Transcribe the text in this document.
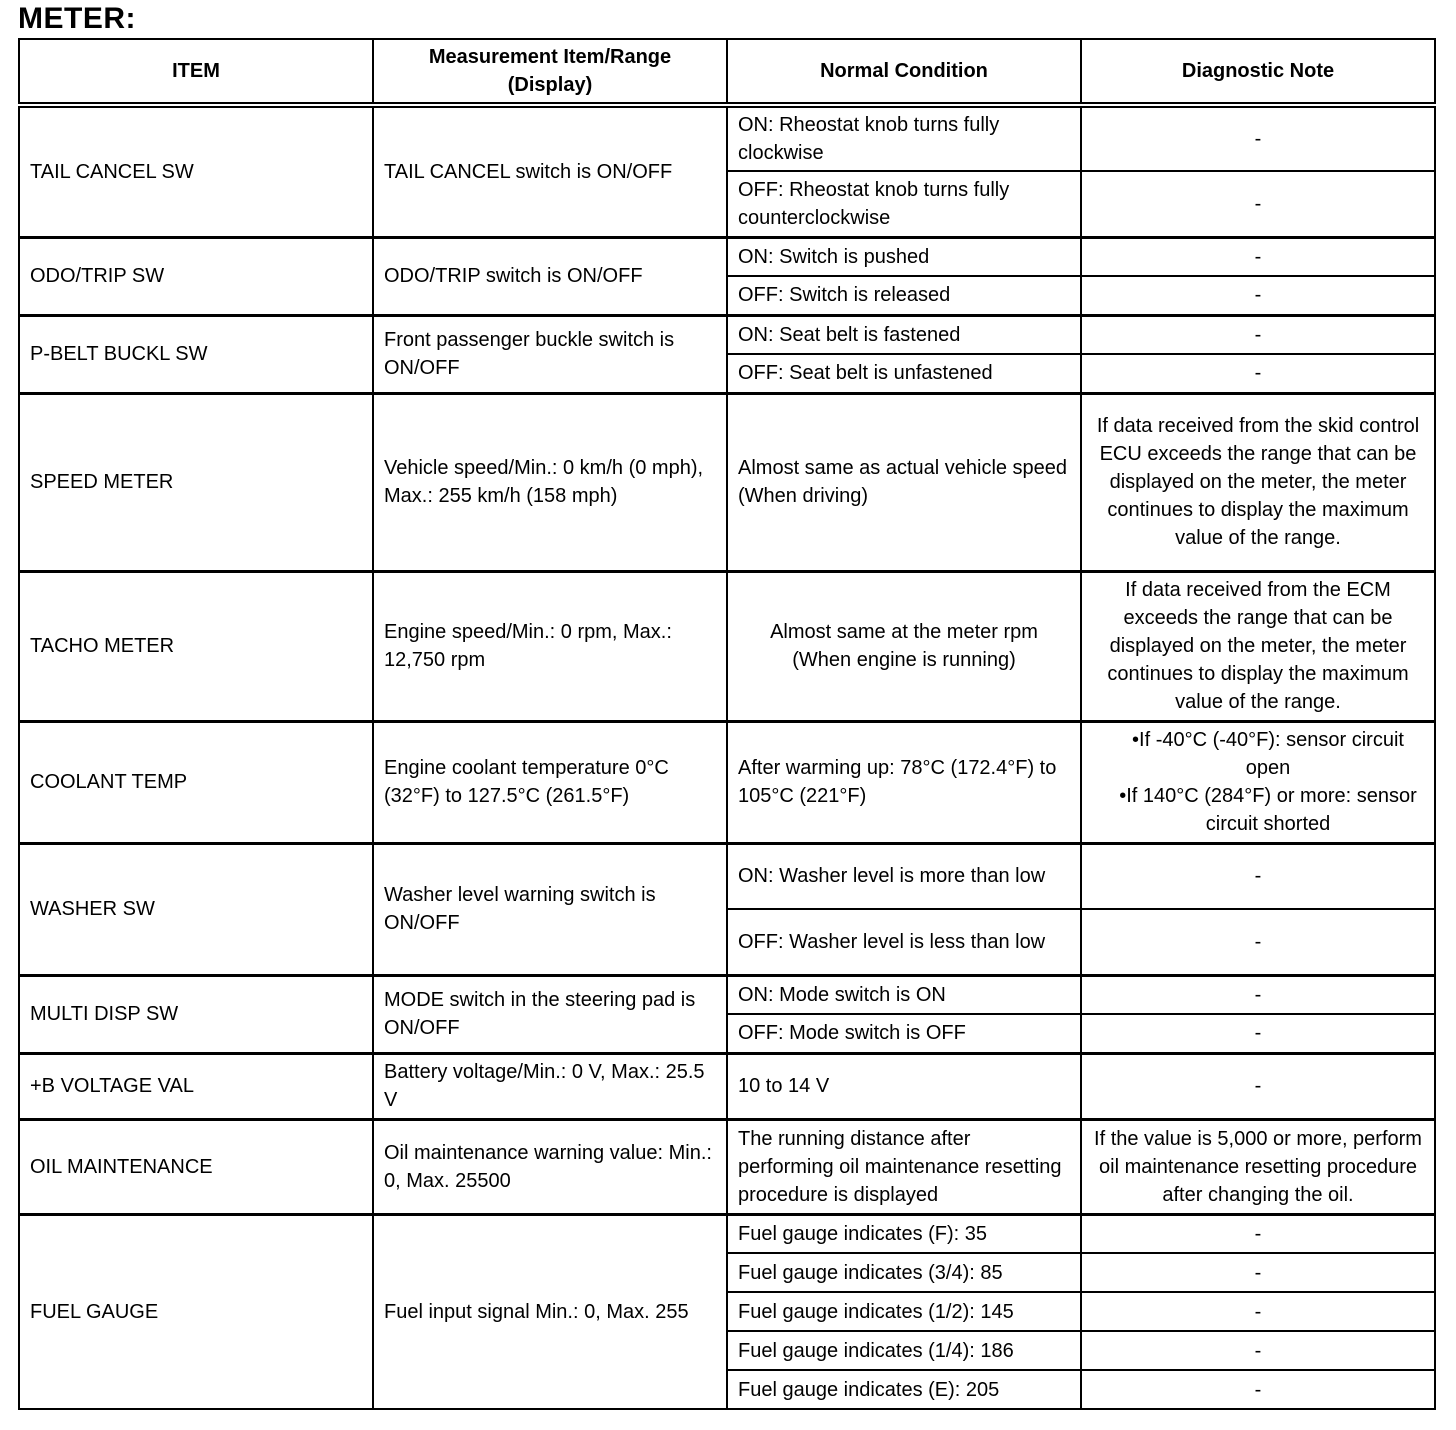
METER:
ITEM	Measurement Item/Range (Display)	Normal Condition	Diagnostic Note
TAIL CANCEL SW	TAIL CANCEL switch is ON/OFF	ON: Rheostat knob turns fully clockwise	-
		OFF: Rheostat knob turns fully counterclockwise	-
ODO/TRIP SW	ODO/TRIP switch is ON/OFF	ON: Switch is pushed	-
		OFF: Switch is released	-
P-BELT BUCKL SW	Front passenger buckle switch is ON/OFF	ON: Seat belt is fastened	-
		OFF: Seat belt is unfastened	-
SPEED METER	Vehicle speed/Min.: 0 km/h (0 mph), Max.: 255 km/h (158 mph)	Almost same as actual vehicle speed (When driving)	If data received from the skid control ECU exceeds the range that can be displayed on the meter, the meter continues to display the maximum value of the range.
TACHO METER	Engine speed/Min.: 0 rpm, Max.: 12,750 rpm	Almost same at the meter rpm (When engine is running)	If data received from the ECM exceeds the range that can be displayed on the meter, the meter continues to display the maximum value of the range.
COOLANT TEMP	Engine coolant temperature 0°C (32°F) to 127.5°C (261.5°F)	After warming up: 78°C (172.4°F) to 105°C (221°F)	•If -40°C (-40°F): sensor circuit open
•If 140°C (284°F) or more: sensor circuit shorted

WASHER SW	Washer level warning switch is ON/OFF	ON: Washer level is more than low	-
		OFF: Washer level is less than low	-
MULTI DISP SW	MODE switch in the steering pad is ON/OFF	ON: Mode switch is ON	-
		OFF: Mode switch is OFF	-
+B VOLTAGE VAL	Battery voltage/Min.: 0 V, Max.: 25.5 V	10 to 14 V	-
OIL MAINTENANCE	Oil maintenance warning value: Min.: 0, Max. 25500	The running distance after performing oil maintenance resetting procedure is displayed	If the value is 5,000 or more, perform oil maintenance resetting procedure after changing the oil.
FUEL GAUGE	Fuel input signal Min.: 0, Max. 255	Fuel gauge indicates (F): 35	-
		Fuel gauge indicates (3/4): 85	-
		Fuel gauge indicates (1/2): 145	-
		Fuel gauge indicates (1/4): 186	-
		Fuel gauge indicates (E): 205	-
